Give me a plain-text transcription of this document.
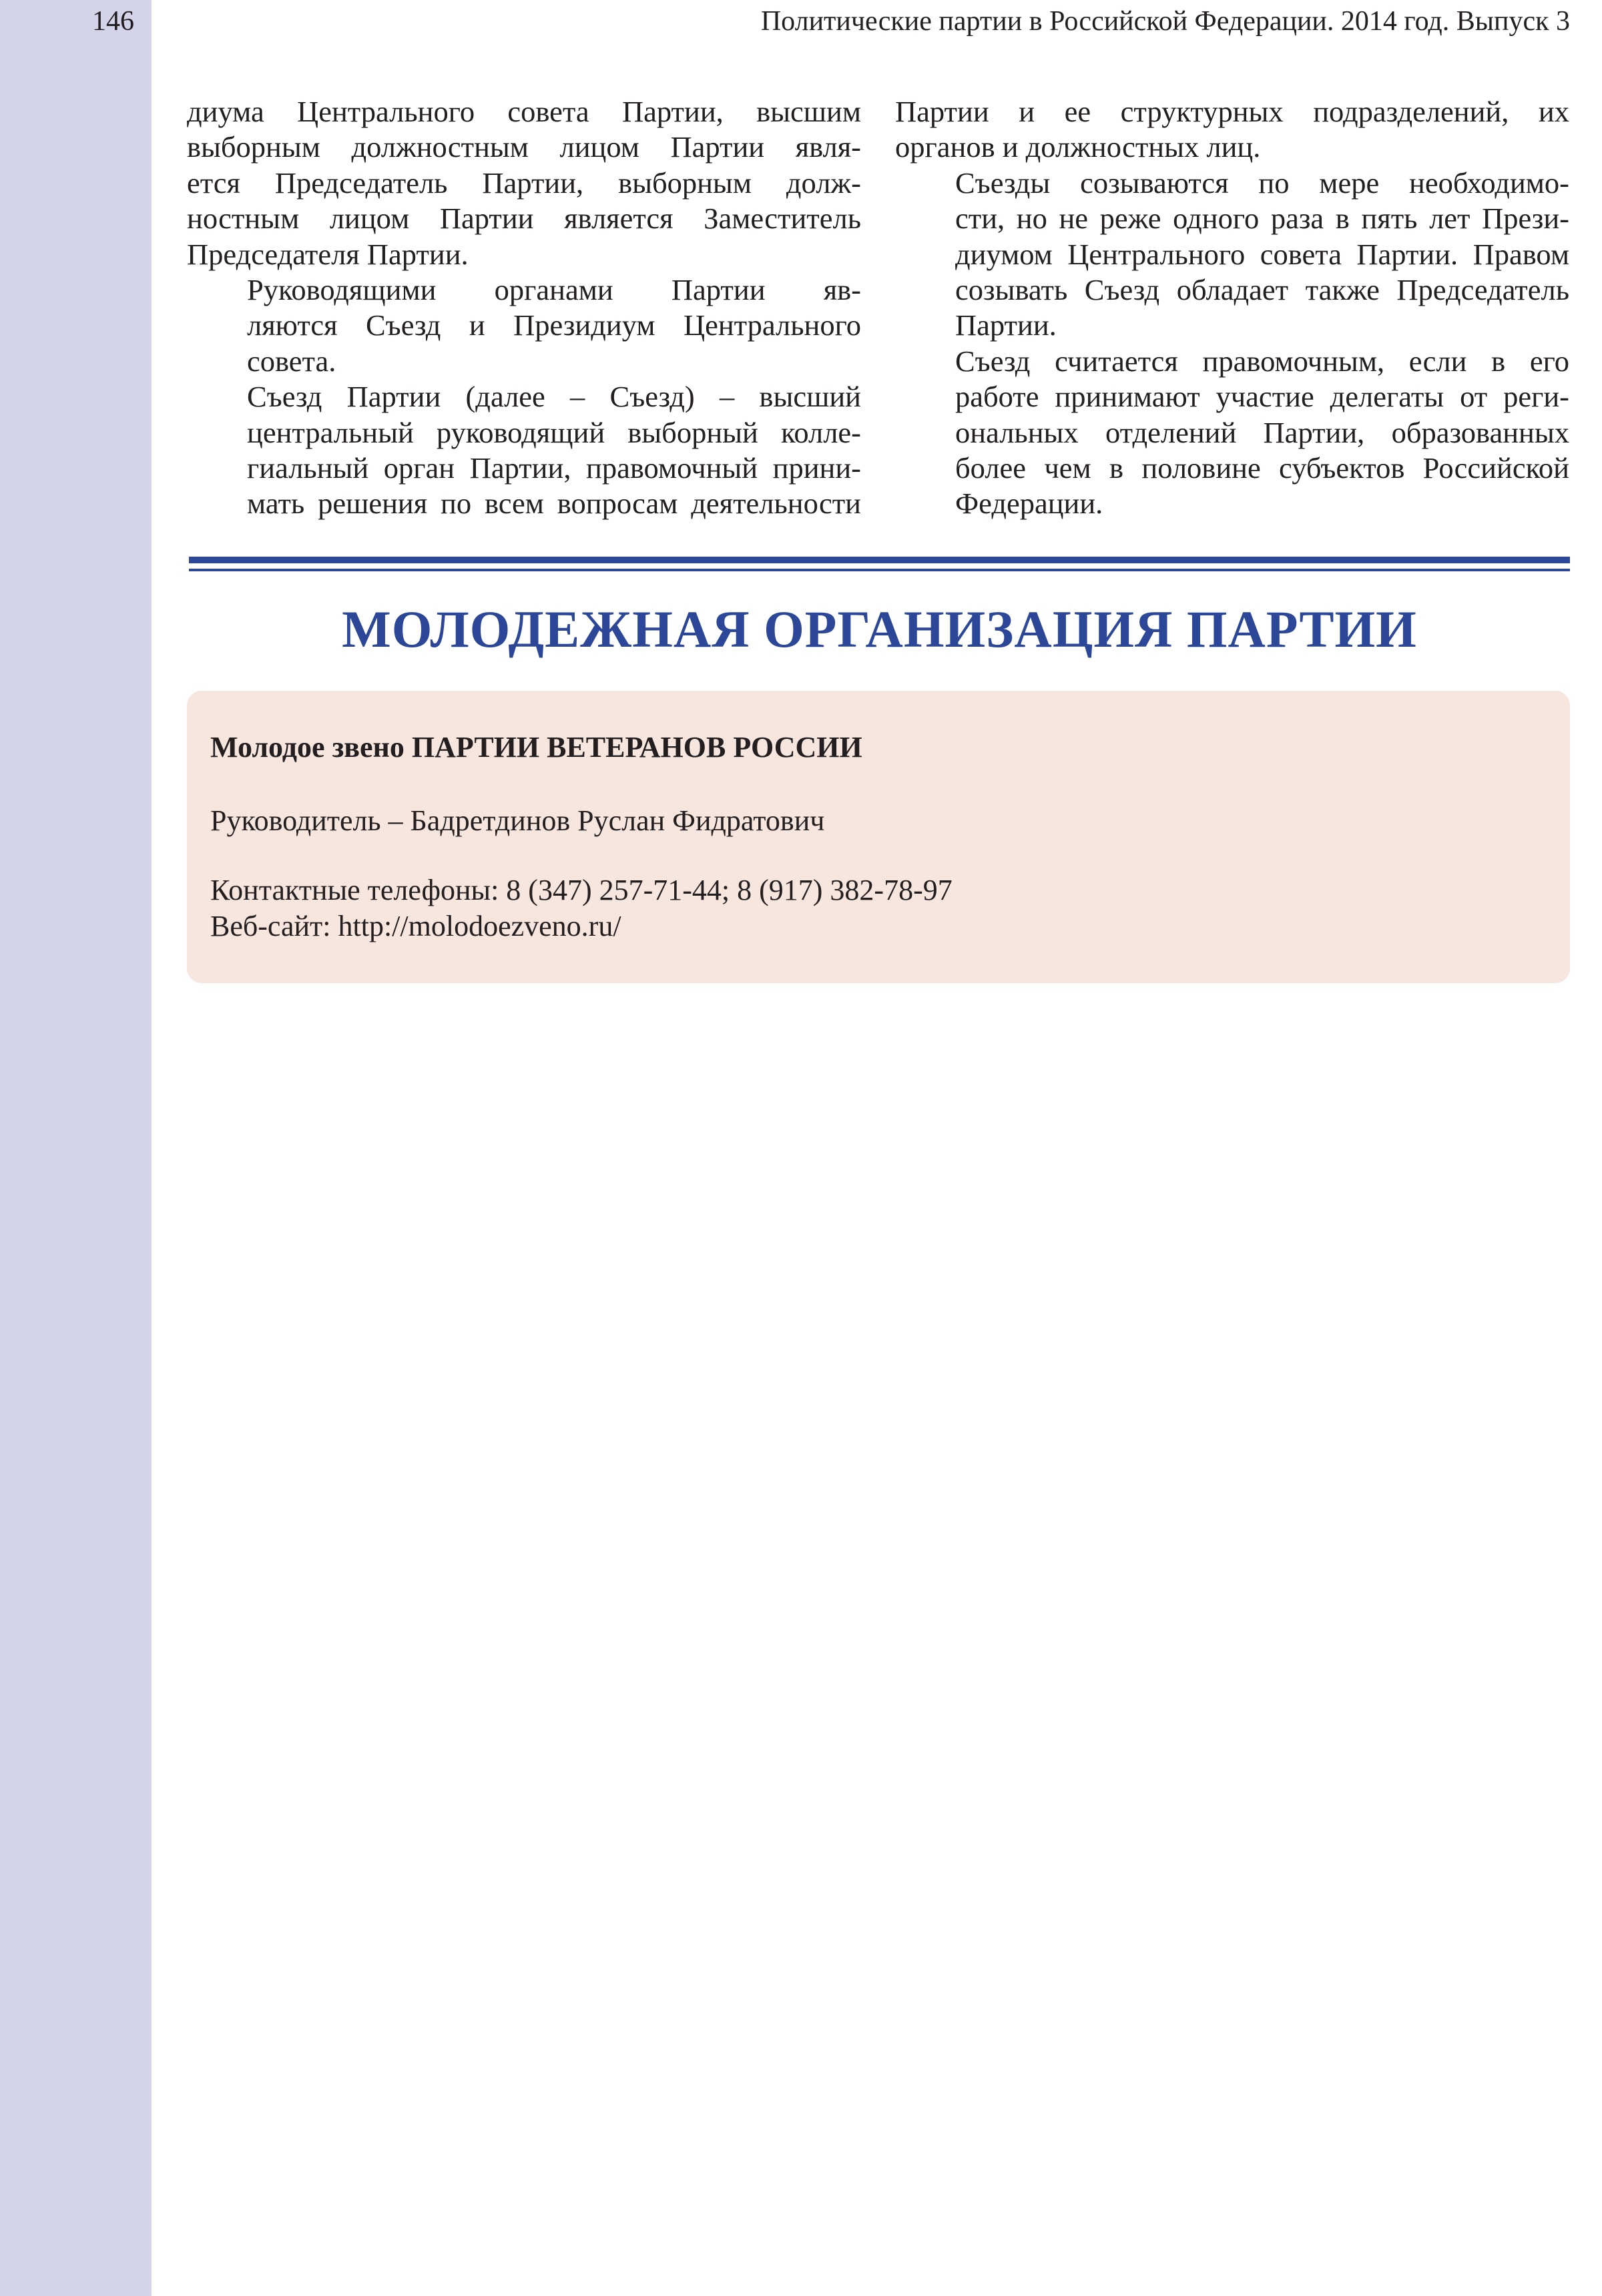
146	Политические партии в Российской Федерации. 2014 год. Выпуск 3

диума Центрального совета Партии, высшим
выборным должностным лицом Партии явля-
ется Председатель Партии, выборным долж-
ностным лицом Партии является Заместитель
Председателя Партии.

Руководящими органами Партии яв-
ляются Съезд и Президиум Центрального
совета.

Съезд Партии (далее – Съезд) – высший
центральный руководящий выборный колле-
гиальный орган Партии, правомочный прини-
мать решения по всем вопросам деятельности

Партии и ее структурных подразделений, их
органов и должностных лиц.

Съезды созываются по мере необходимо-
сти, но не реже одного раза в пять лет Прези-
диумом Центрального совета Партии. Правом
созывать Съезд обладает также Председатель
Партии.

Съезд считается правомочным, если в его
работе принимают участие делегаты от реги-
ональных отделений Партии, образованных
более чем в половине субъектов Российской
Федерации.

МОЛОДЕЖНАЯ ОРГАНИЗАЦИЯ ПАРТИИ
Молодое звено ПАРТИИ ВЕТЕРАНОВ РОССИИ
Руководитель – Бадретдинов Руслан Фидратович
Контактные телефоны: 8 (347) 257-71-44; 8 (917) 382-78-97
Веб-сайт: http://molodoezveno.ru/
